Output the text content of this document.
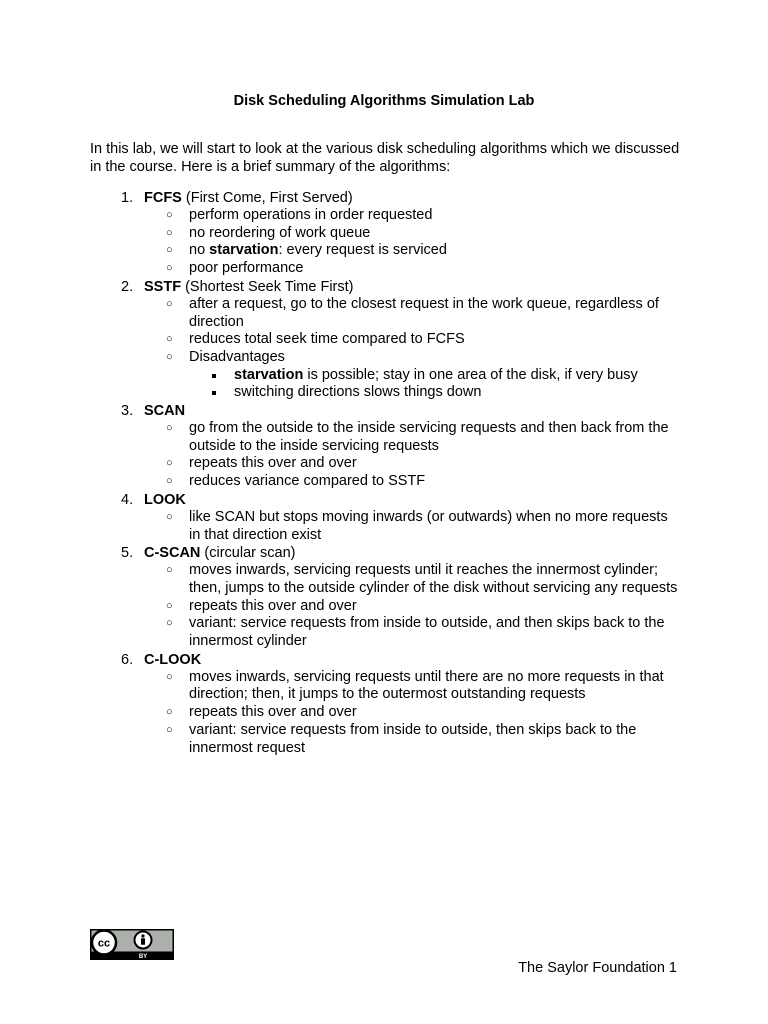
Disk Scheduling Algorithms Simulation Lab
In this lab, we will start to look at the various disk scheduling algorithms which we discussed in the course. Here is a brief summary of the algorithms:
1. FCFS (First Come, First Served)
○ perform operations in order requested
○ no reordering of work queue
○ no starvation: every request is serviced
○ poor performance
2. SSTF (Shortest Seek Time First)
○ after a request, go to the closest request in the work queue, regardless of direction
○ reduces total seek time compared to FCFS
○ Disadvantages
starvation is possible; stay in one area of the disk, if very busy
switching directions slows things down
3. SCAN
○ go from the outside to the inside servicing requests and then back from the outside to the inside servicing requests
○ repeats this over and over
○ reduces variance compared to SSTF
4. LOOK
○ like SCAN but stops moving inwards (or outwards) when no more requests in that direction exist
5. C-SCAN (circular scan)
○ moves inwards, servicing requests until it reaches the innermost cylinder; then, jumps to the outside cylinder of the disk without servicing any requests
○ repeats this over and over
○ variant: service requests from inside to outside, and then skips back to the innermost cylinder
6. C-LOOK
○ moves inwards, servicing requests until there are no more requests in that direction; then, it jumps to the outermost outstanding requests
○ repeats this over and over
○ variant: service requests from inside to outside, then skips back to the innermost request
cc
BY
The Saylor Foundation 1
